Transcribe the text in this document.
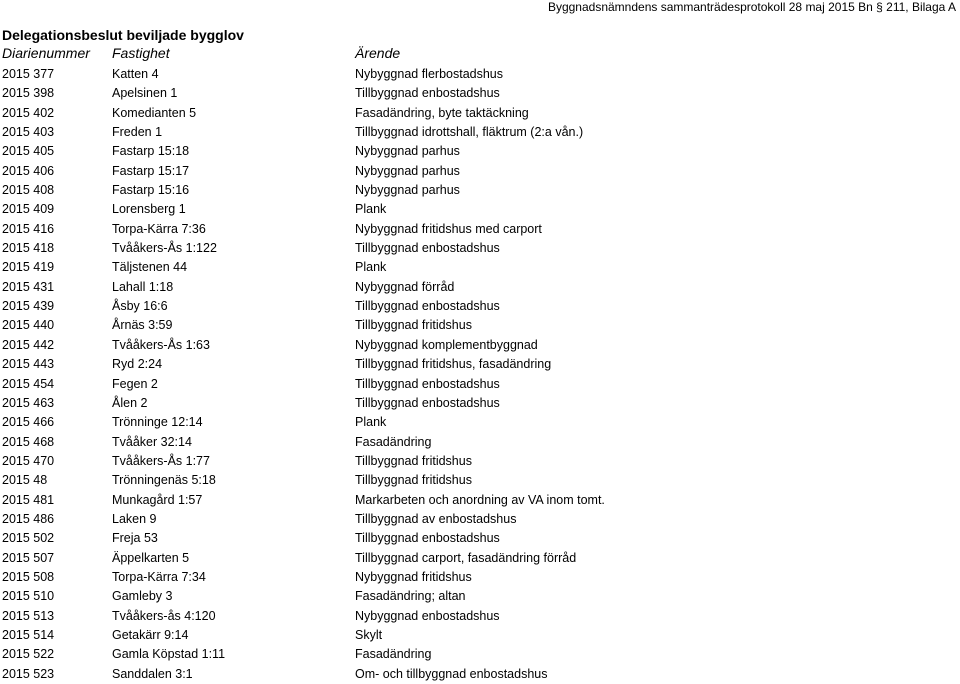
Byggnadsnämndens sammanträdesprotokoll 28 maj 2015 Bn § 211, Bilaga A
Delegationsbeslut beviljade bygglov
Diarienummer Fastighet	Ärende
2015 377	Katten 4	Nybyggnad flerbostadshus
2015 398	Apelsinen 1	Tillbyggnad enbostadshus
2015 402	Komedianten 5	Fasadändring, byte taktäckning
2015 403	Freden 1	Tillbyggnad idrottshall, fläktrum (2:a vån.)
2015 405	Fastarp 15:18	Nybyggnad parhus
2015 406	Fastarp 15:17	Nybyggnad parhus
2015 408	Fastarp 15:16	Nybyggnad parhus
2015 409	Lorensberg 1	Plank
2015 416	Torpa-Kärra 7:36	Nybyggnad fritidshus med carport
2015 418	Tvååkers-Ås 1:122	Tillbyggnad enbostadshus
2015 419	Täljstenen 44	Plank
2015 431	Lahall 1:18	Nybyggnad förråd
2015 439	Åsby 16:6	Tillbyggnad enbostadshus
2015 440	Årnäs 3:59	Tillbyggnad fritidshus
2015 442	Tvååkers-Ås 1:63	Nybyggnad komplementbyggnad
2015 443	Ryd 2:24	Tillbyggnad fritidshus, fasadändring
2015 454	Fegen 2	Tillbyggnad enbostadshus
2015 463	Ålen 2	Tillbyggnad enbostadshus
2015 466	Trönninge 12:14	Plank
2015 468	Tvååker 32:14	Fasadändring
2015 470	Tvååkers-Ås 1:77	Tillbyggnad fritidshus
2015 48	Trönningenäs 5:18	Tillbyggnad fritidshus
2015 481	Munkagård 1:57	Markarbeten och anordning av VA inom tomt.
2015 486	Laken 9	Tillbyggnad av enbostadshus
2015 502	Freja 53	Tillbyggnad enbostadshus
2015 507	Äppelkarten 5	Tillbyggnad carport, fasadändring förråd
2015 508	Torpa-Kärra 7:34	Nybyggnad fritidshus
2015 510	Gamleby 3	Fasadändring; altan
2015 513	Tvååkers-ås 4:120	Nybyggnad enbostadshus
2015 514	Getakärr 9:14	Skylt
2015 522	Gamla Köpstad 1:11	Fasadändring
2015 523	Sanddalen 3:1	Om- och tillbyggnad enbostadshus
